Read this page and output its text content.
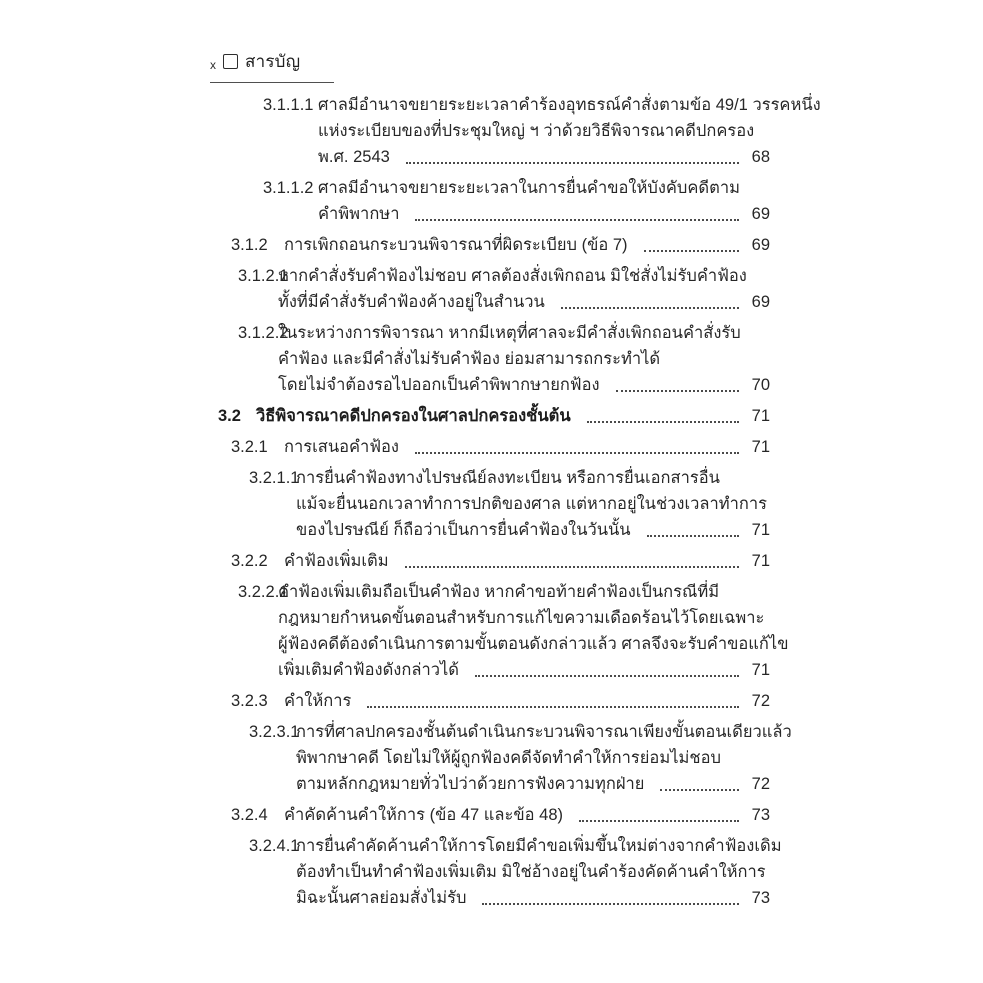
x สารบัญ
3.1.1.1 ศาลมีอำนาจขยายระยะเวลาคำร้องอุทธรณ์คำสั่งตามข้อ 49/1 วรรคหนึ่ง
แห่งระเบียบของที่ประชุมใหญ่ ฯ ว่าด้วยวิธีพิจารณาคดีปกครอง
พ.ศ. 2543	68
3.1.1.2 ศาลมีอำนาจขยายระยะเวลาในการยื่นคำขอให้บังคับคดีตาม
คำพิพากษา	69
3.1.2 การเพิกถอนกระบวนพิจารณาที่ผิดระเบียบ (ข้อ 7)	69
3.1.2.1
หากคำสั่งรับคำฟ้องไม่ชอบ ศาลต้องสั่งเพิกถอน มิใช่สั่งไม่รับคำฟ้อง
ทั้งที่มีคำสั่งรับคำฟ้องค้างอยู่ในสำนวน	69
3.1.2.2
ในระหว่างการพิจารณา หากมีเหตุที่ศาลจะมีคำสั่งเพิกถอนคำสั่งรับ
คำฟ้อง และมีคำสั่งไม่รับคำฟ้อง ย่อมสามารถกระทำได้
โดยไม่จำต้องรอไปออกเป็นคำพิพากษายกฟ้อง	70
3.2 วิธีพิจารณาคดีปกครองในศาลปกครองชั้นต้น	71
3.2.1 การเสนอคำฟ้อง	71
3.2.1.1
การยื่นคำฟ้องทางไปรษณีย์ลงทะเบียน หรือการยื่นเอกสารอื่น
แม้จะยื่นนอกเวลาทำการปกติของศาล แต่หากอยู่ในช่วงเวลาทำการ
ของไปรษณีย์ ก็ถือว่าเป็นการยื่นคำฟ้องในวันนั้น	71
3.2.2 คำฟ้องเพิ่มเติม	71
3.2.2.1
คำฟ้องเพิ่มเติมถือเป็นคำฟ้อง หากคำขอท้ายคำฟ้องเป็นกรณีที่มี
กฎหมายกำหนดขั้นตอนสำหรับการแก้ไขความเดือดร้อนไว้โดยเฉพาะ
ผู้ฟ้องคดีต้องดำเนินการตามขั้นตอนดังกล่าวแล้ว ศาลจึงจะรับคำขอแก้ไข
เพิ่มเติมคำฟ้องดังกล่าวได้	71
3.2.3 คำให้การ	72
3.2.3.1
การที่ศาลปกครองชั้นต้นดำเนินกระบวนพิจารณาเพียงขั้นตอนเดียวแล้ว
พิพากษาคดี โดยไม่ให้ผู้ถูกฟ้องคดีจัดทำคำให้การย่อมไม่ชอบ
ตามหลักกฎหมายทั่วไปว่าด้วยการฟังความทุกฝ่าย	72
3.2.4 คำคัดค้านคำให้การ (ข้อ 47 และข้อ 48)	73
3.2.4.1
การยื่นคำคัดค้านคำให้การโดยมีคำขอเพิ่มขึ้นใหม่ต่างจากคำฟ้องเดิม
ต้องทำเป็นทำคำฟ้องเพิ่มเติม มิใช่อ้างอยู่ในคำร้องคัดค้านคำให้การ
มิฉะนั้นศาลย่อมสั่งไม่รับ	73
